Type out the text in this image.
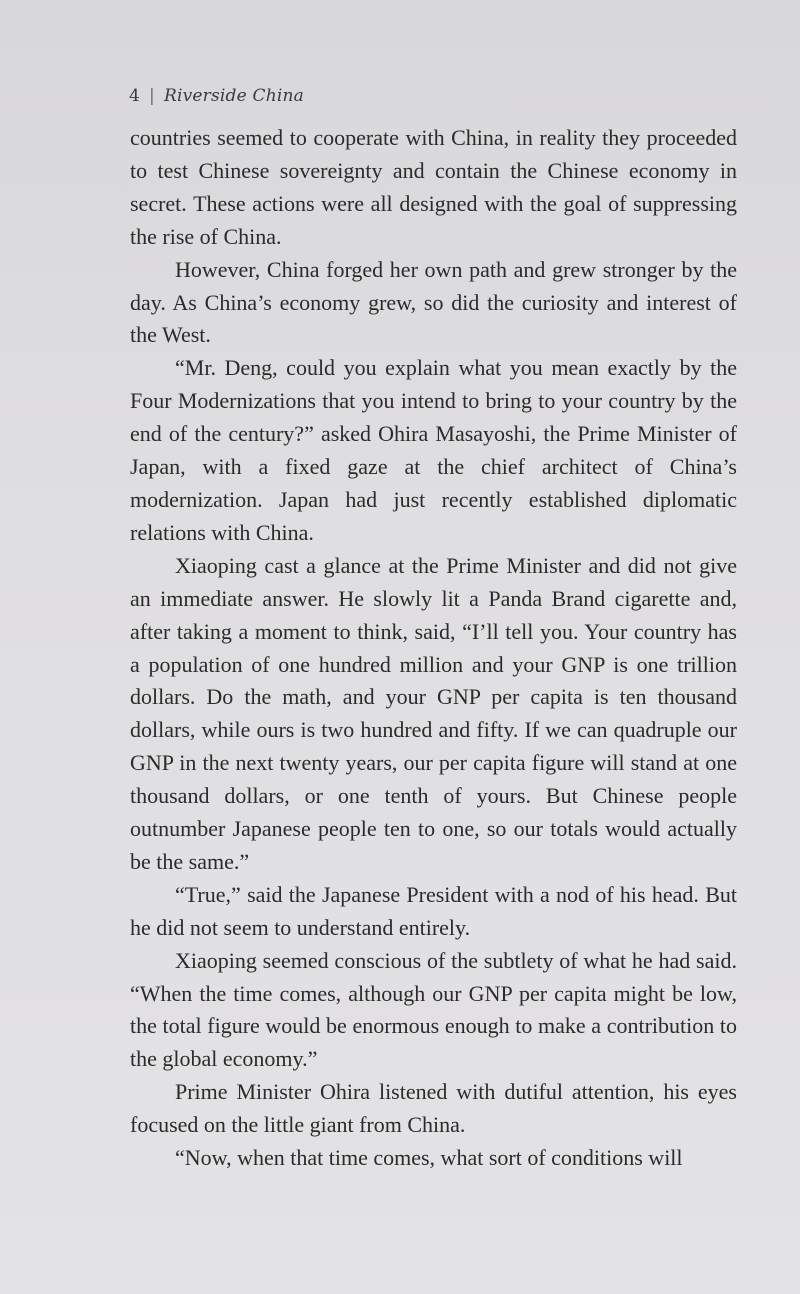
4 | Riverside China

countries seemed to cooperate with China, in reality they proceeded to test Chinese sovereignty and contain the Chinese economy in secret. These actions were all designed with the goal of suppressing the rise of China.

However, China forged her own path and grew stronger by the day. As China’s economy grew, so did the curiosity and interest of the West.

“Mr. Deng, could you explain what you mean exactly by the Four Modernizations that you intend to bring to your country by the end of the century?” asked Ohira Masayoshi, the Prime Minister of Japan, with a fixed gaze at the chief architect of China’s modernization. Japan had just recently established diplomatic relations with China.

Xiaoping cast a glance at the Prime Minister and did not give an immediate answer. He slowly lit a Panda Brand cigarette and, after taking a moment to think, said, “I’ll tell you. Your country has a population of one hundred million and your GNP is one trillion dollars. Do the math, and your GNP per capita is ten thousand dollars, while ours is two hundred and fifty. If we can quadruple our GNP in the next twenty years, our per capita figure will stand at one thousand dollars, or one tenth of yours. But Chinese people outnumber Japanese people ten to one, so our totals would actually be the same.”

“True,” said the Japanese President with a nod of his head. But he did not seem to understand entirely.

Xiaoping seemed conscious of the subtlety of what he had said. “When the time comes, although our GNP per capita might be low, the total figure would be enormous enough to make a contribution to the global economy.”

Prime Minister Ohira listened with dutiful attention, his eyes focused on the little giant from China.

“Now, when that time comes, what sort of conditions will
